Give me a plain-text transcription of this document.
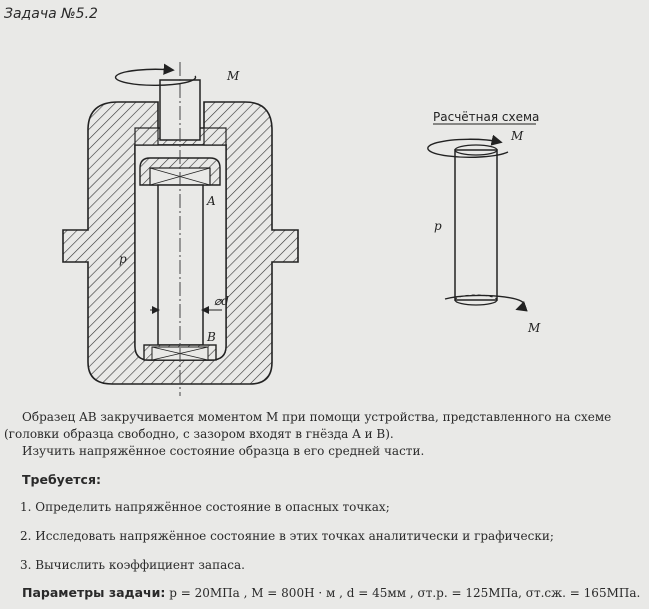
Задача №5.2
M
A
B
p
⌀d
Расчётная схема
M
M
p

Образец AB закручивается моментом M при помощи устройства, представленного на схеме

(головки образца свободно, с зазором входят в гнёзда A и B).

Изучить напряжённое состояние образца в его средней части.

Требуется:
1. Определить напряжённое состояние в опасных точках;
2. Исследовать напряжённое состояние в этих точках аналитически и графически;
3. Вычислить коэффициент запаса.
Параметры задачи: p = 20МПа , M = 800Н · м , d = 45мм , σт.р. = 125МПа, σт.сж. = 165МПа.
